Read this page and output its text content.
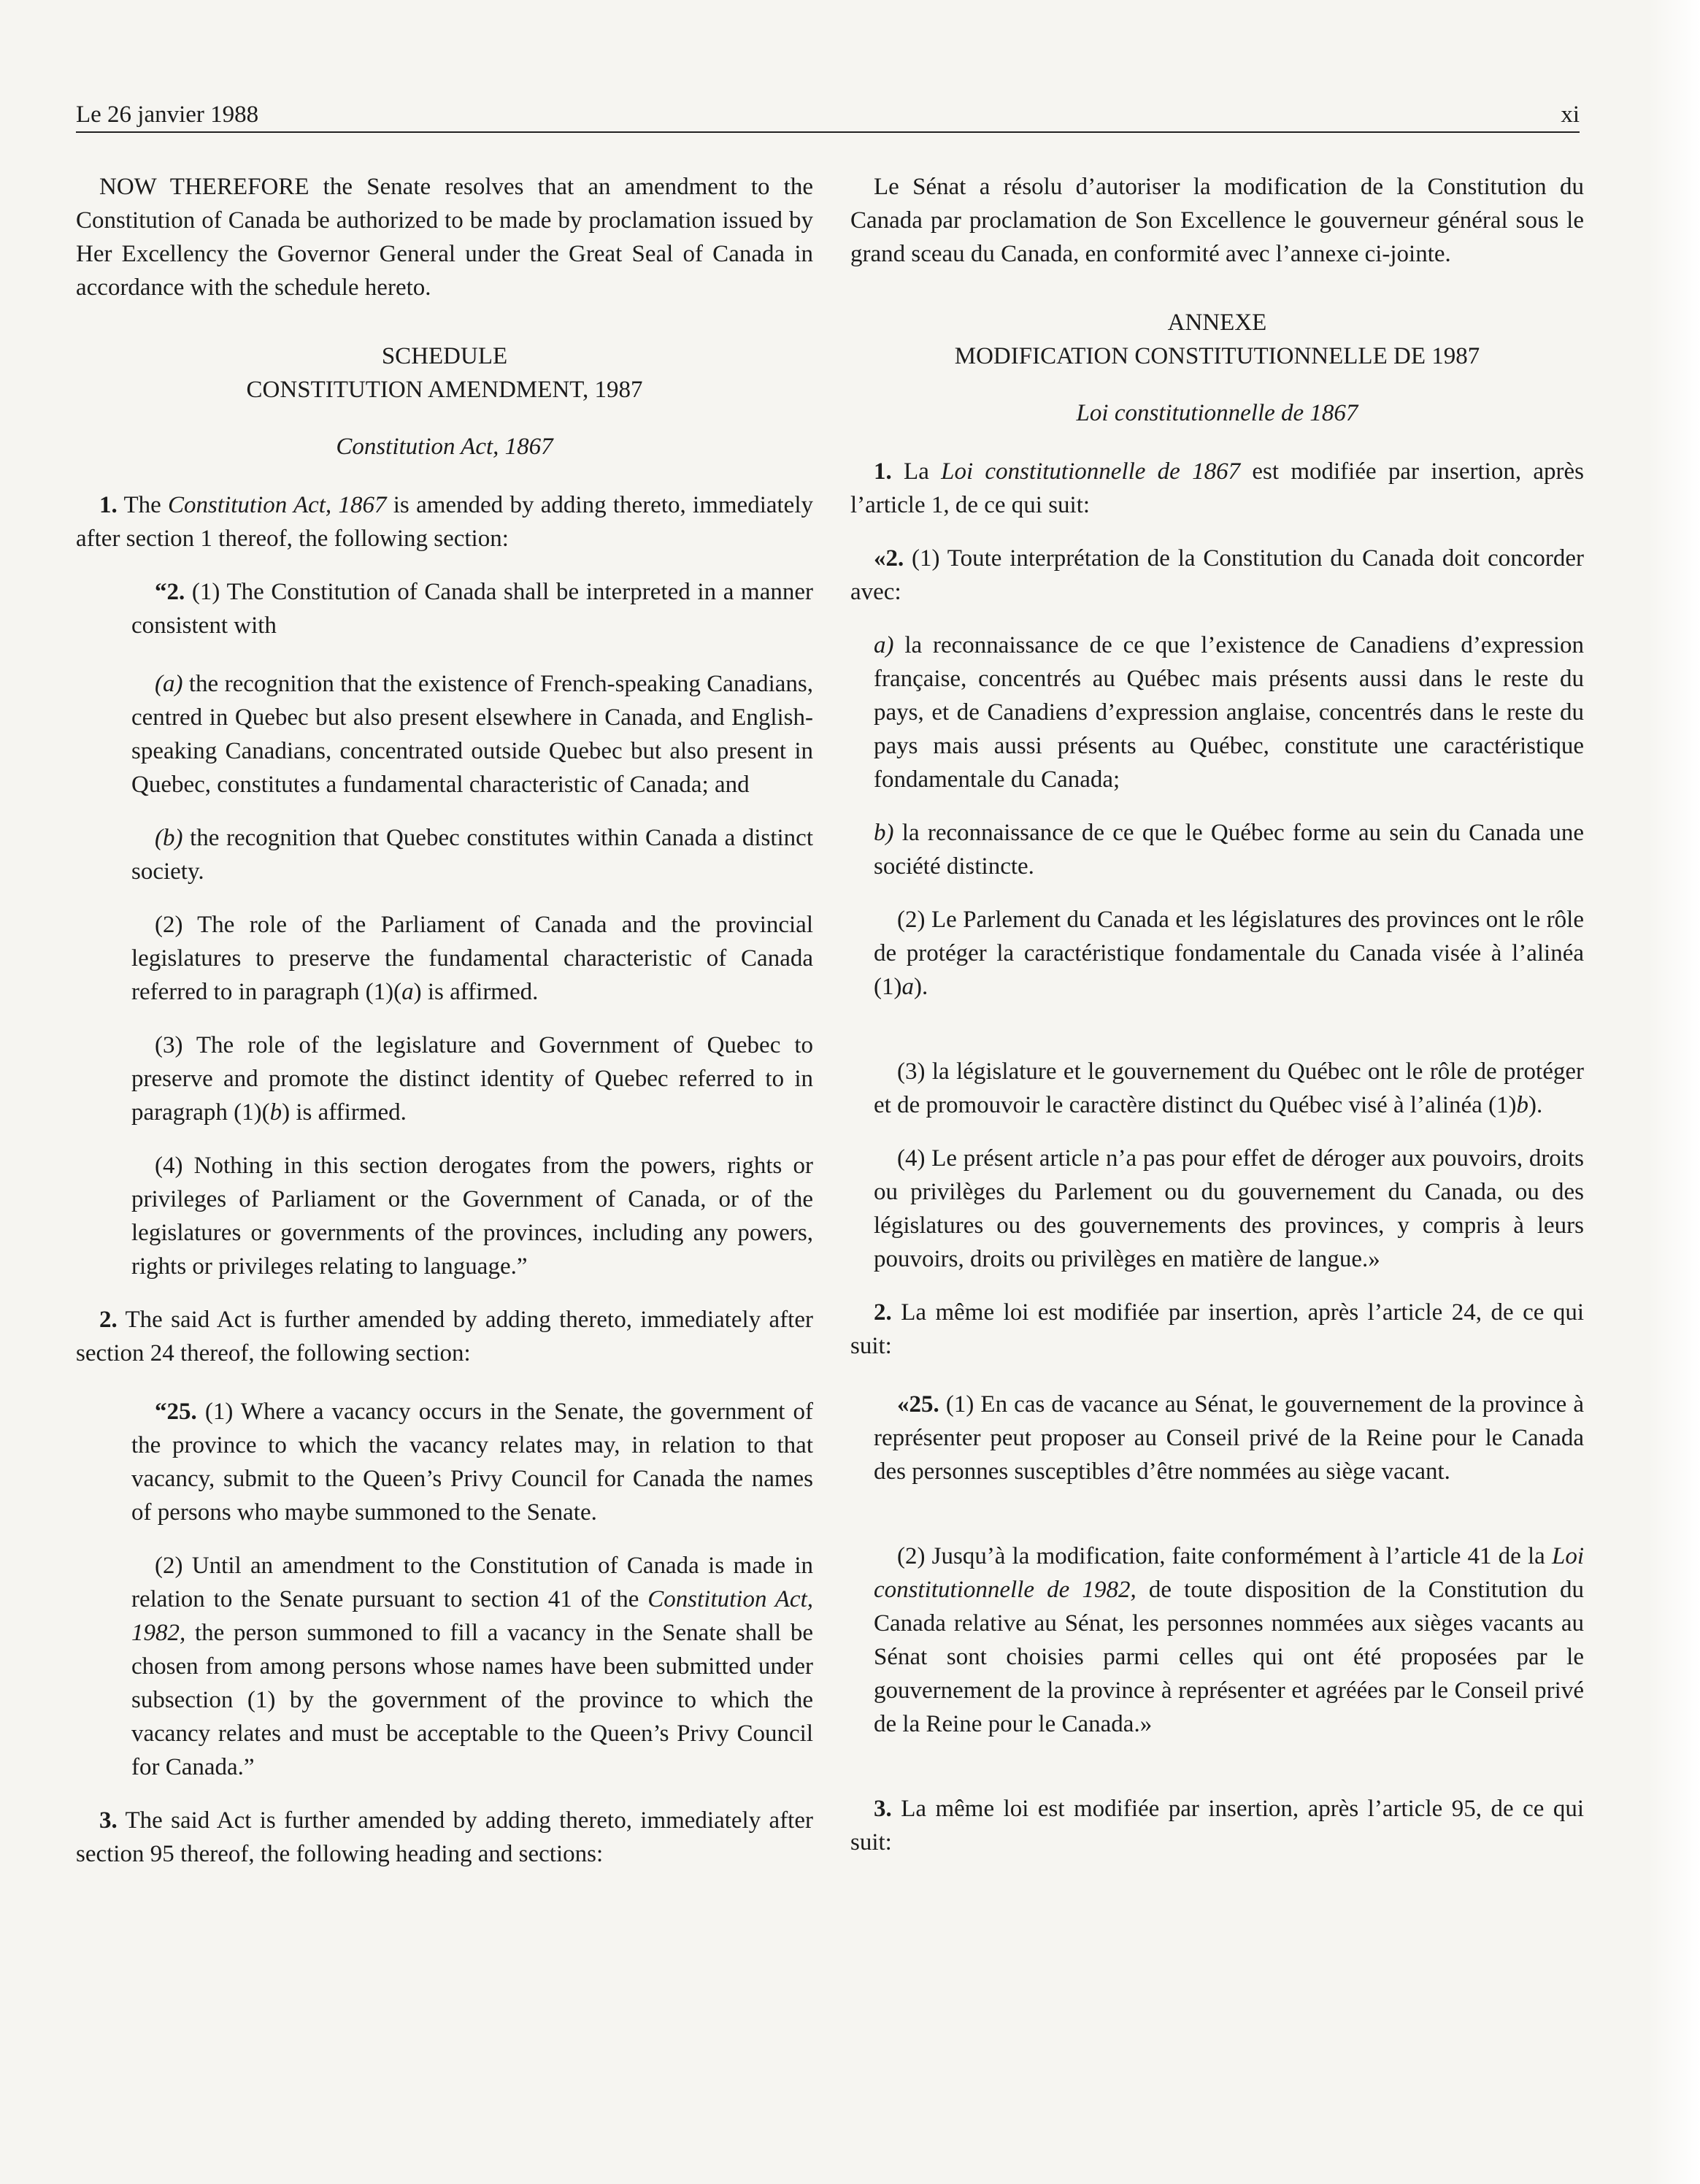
Le 26 janvier 1988	xi

NOW THEREFORE the Senate resolves that an amendment to the Constitution of Canada be authorized to be made by proclamation issued by Her Excellency the Governor General under the Great Seal of Canada in accordance with the schedule hereto.

SCHEDULE

CONSTITUTION AMENDMENT, 1987

Constitution Act, 1867

1. The Constitution Act, 1867 is amended by adding thereto, immediately after section 1 thereof, the following section:

“2. (1) The Constitution of Canada shall be interpreted in a manner consistent with

(a) the recognition that the existence of French-speaking Canadians, centred in Quebec but also present elsewhere in Canada, and English-speaking Canadians, concentrated outside Quebec but also present in Quebec, constitutes a fundamental characteristic of Canada; and

(b) the recognition that Quebec constitutes within Canada a distinct society.

(2) The role of the Parliament of Canada and the provincial legislatures to preserve the fundamental characteristic of Canada referred to in paragraph (1)(a) is affirmed.

(3) The role of the legislature and Government of Quebec to preserve and promote the distinct identity of Quebec referred to in paragraph (1)(b) is affirmed.

(4) Nothing in this section derogates from the powers, rights or privileges of Parliament or the Government of Canada, or of the legislatures or governments of the provinces, including any powers, rights or privileges relating to language.”

2. The said Act is further amended by adding thereto, immediately after section 24 thereof, the following section:

“25. (1) Where a vacancy occurs in the Senate, the government of the province to which the vacancy relates may, in relation to that vacancy, submit to the Queen’s Privy Council for Canada the names of persons who maybe summoned to the Senate.

(2) Until an amendment to the Constitution of Canada is made in relation to the Senate pursuant to section 41 of the Constitution Act, 1982, the person summoned to fill a vacancy in the Senate shall be chosen from among persons whose names have been submitted under subsection (1) by the government of the province to which the vacancy relates and must be acceptable to the Queen’s Privy Council for Canada.”

3. The said Act is further amended by adding thereto, immediately after section 95 thereof, the following heading and sections:

Le Sénat a résolu d’autoriser la modification de la Constitution du Canada par proclamation de Son Excellence le gouverneur général sous le grand sceau du Canada, en conformité avec l’annexe ci-jointe.

ANNEXE

MODIFICATION CONSTITUTIONNELLE DE 1987

Loi constitutionnelle de 1867

1. La Loi constitutionnelle de 1867 est modifiée par insertion, après l’article 1, de ce qui suit:

«2. (1) Toute interprétation de la Constitution du Canada doit concorder avec:

a) la reconnaissance de ce que l’existence de Canadiens d’expression française, concentrés au Québec mais présents aussi dans le reste du pays, et de Canadiens d’expression anglaise, concentrés dans le reste du pays mais aussi présents au Québec, constitute une caractéristique fondamentale du Canada;

b) la reconnaissance de ce que le Québec forme au sein du Canada une société distincte.

(2) Le Parlement du Canada et les législatures des provinces ont le rôle de protéger la caractéristique fondamentale du Canada visée à l’alinéa (1)a).

(3) la législature et le gouvernement du Québec ont le rôle de protéger et de promouvoir le caractère distinct du Québec visé à l’alinéa (1)b).

(4) Le présent article n’a pas pour effet de déroger aux pouvoirs, droits ou privilèges du Parlement ou du gouvernement du Canada, ou des législatures ou des gouvernements des provinces, y compris à leurs pouvoirs, droits ou privilèges en matière de langue.»

2. La même loi est modifiée par insertion, après l’article 24, de ce qui suit:

«25. (1) En cas de vacance au Sénat, le gouvernement de la province à représenter peut proposer au Conseil privé de la Reine pour le Canada des personnes susceptibles d’être nommées au siège vacant.

(2) Jusqu’à la modification, faite conformément à l’article 41 de la Loi constitutionnelle de 1982, de toute disposition de la Constitution du Canada relative au Sénat, les personnes nommées aux sièges vacants au Sénat sont choisies parmi celles qui ont été proposées par le gouvernement de la province à représenter et agréées par le Conseil privé de la Reine pour le Canada.»

3. La même loi est modifiée par insertion, après l’article 95, de ce qui suit:
